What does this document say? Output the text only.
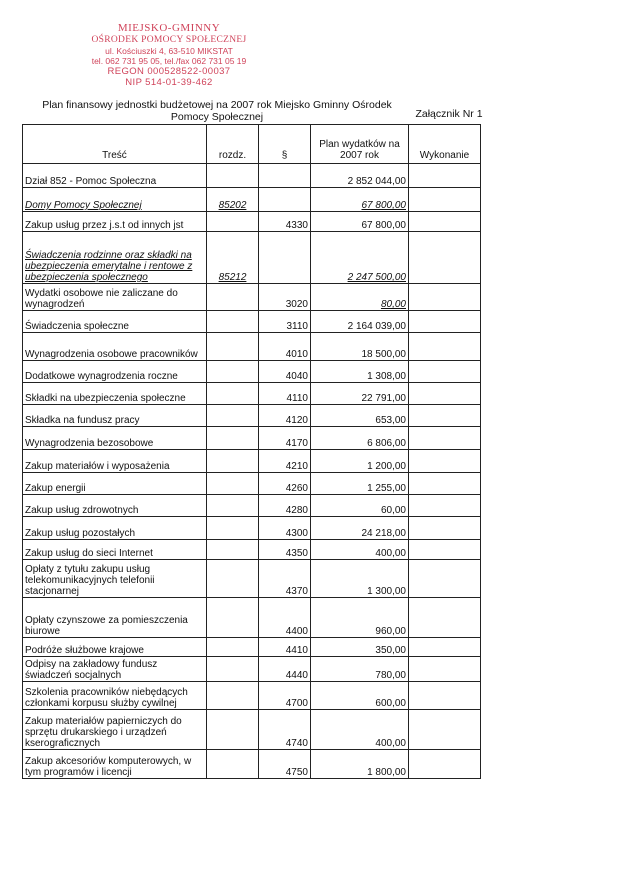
MIEJSKO-GMINNY
OŚRODEK POMOCY SPOŁECZNEJ
ul. Kościuszki 4, 63-510 MIKSTAT
tel. 062 731 95 05, tel./fax 062 731 05 19
REGON 000528522-00037
NIP 514-01-39-462
Plan finansowy jednostki budżetowej na 2007 rok Miejsko Gminny Ośrodek Pomocy Społecznej	Załącznik Nr 1
Treść	rozdz.	§	Plan wydatków na 2007 rok	Wykonanie
Dział 852 - Pomoc Społeczna			2 852 044,00	
Domy Pomocy Społecznej	85202		67 800,00	
Zakup usług przez j.s.t od innych jst		4330	67 800,00	
Świadczenia rodzinne oraz składki na ubezpieczenia emerytalne i rentowe z ubezpieczenia społecznego	85212		2 247 500,00	
Wydatki osobowe nie zaliczane do wynagrodzeń		3020	80,00	
Świadczenia społeczne		3110	2 164 039,00	
Wynagrodzenia osobowe pracowników		4010	18 500,00	
Dodatkowe wynagrodzenia roczne		4040	1 308,00	
Składki na ubezpieczenia społeczne		4110	22 791,00	
Składka na fundusz pracy		4120	653,00	
Wynagrodzenia bezosobowe		4170	6 806,00	
Zakup materiałów i wyposażenia		4210	1 200,00	
Zakup energii		4260	1 255,00	
Zakup usług zdrowotnych		4280	60,00	
Zakup usług pozostałych		4300	24 218,00	
Zakup usług do sieci Internet		4350	400,00	
Opłaty z tytułu zakupu usług telekomunikacyjnych telefonii stacjonarnej		4370	1 300,00	
Opłaty czynszowe za pomieszczenia biurowe		4400	960,00	
Podróże służbowe krajowe		4410	350,00	
Odpisy na zakładowy fundusz świadczeń socjalnych		4440	780,00	
Szkolenia pracowników niebędących członkami korpusu służby cywilnej		4700	600,00	
Zakup materiałów papierniczych do sprzętu drukarskiego i urządzeń kserograficznych		4740	400,00	
Zakup akcesoriów komputerowych, w tym programów i licencji		4750	1 800,00	
